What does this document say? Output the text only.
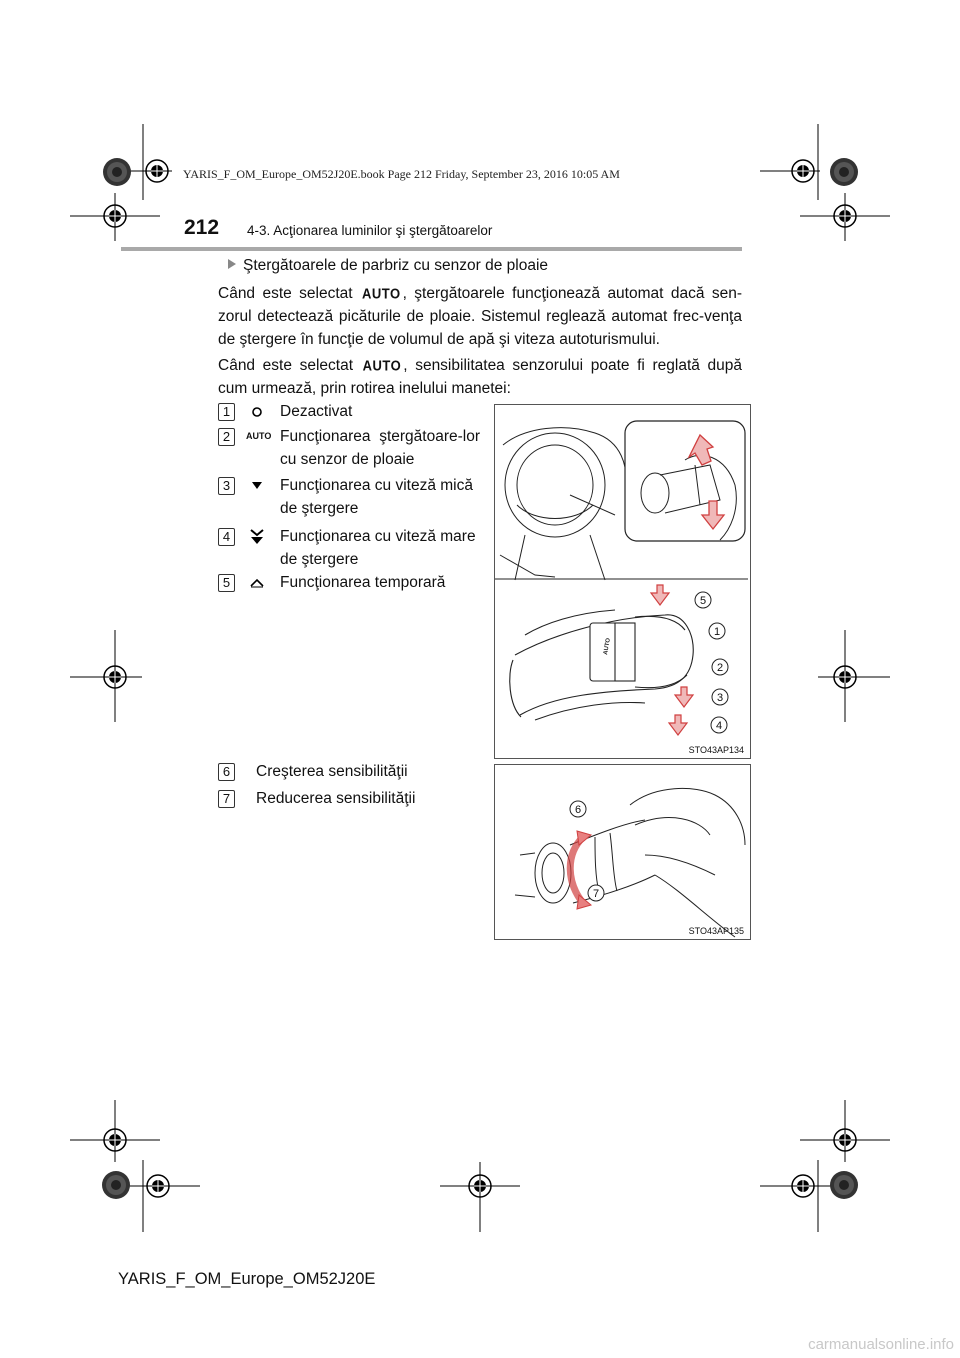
YARIS_F_OM_Europe_OM52J20E.book Page 212 Friday, September 23, 2016 10:05 AM
212 4-3. Acţionarea luminilor şi ştergătoarelor
Ştergătoarele de parbriz cu senzor de ploaie
Când este selectat AUTO , ştergătoarele funcţionează automat dacă sen-zorul detectează picăturile de ploaie. Sistemul reglează automat frec-venţa de ştergere în funcţie de volumul de apă şi viteza autoturismului.
Când este selectat AUTO , sensibilitatea senzorului poate fi reglată după cum urmează, prin rotirea inelului manetei:
1	Dezactivat
2	AUTO Funcţionarea ştergătoare-lor cu senzor de ploaie
3	Funcţionarea cu viteză mică de ştergere
4	Funcţionarea cu viteză mare de ştergere
5	Funcţionarea temporară
6	Creşterea sensibilităţii
7	Reducerea sensibilităţii
AUTO
5
1
2
3
4
STO43AP134
6
7
STO43AP135
YARIS_F_OM_Europe_OM52J20E
carmanualsonline.info
